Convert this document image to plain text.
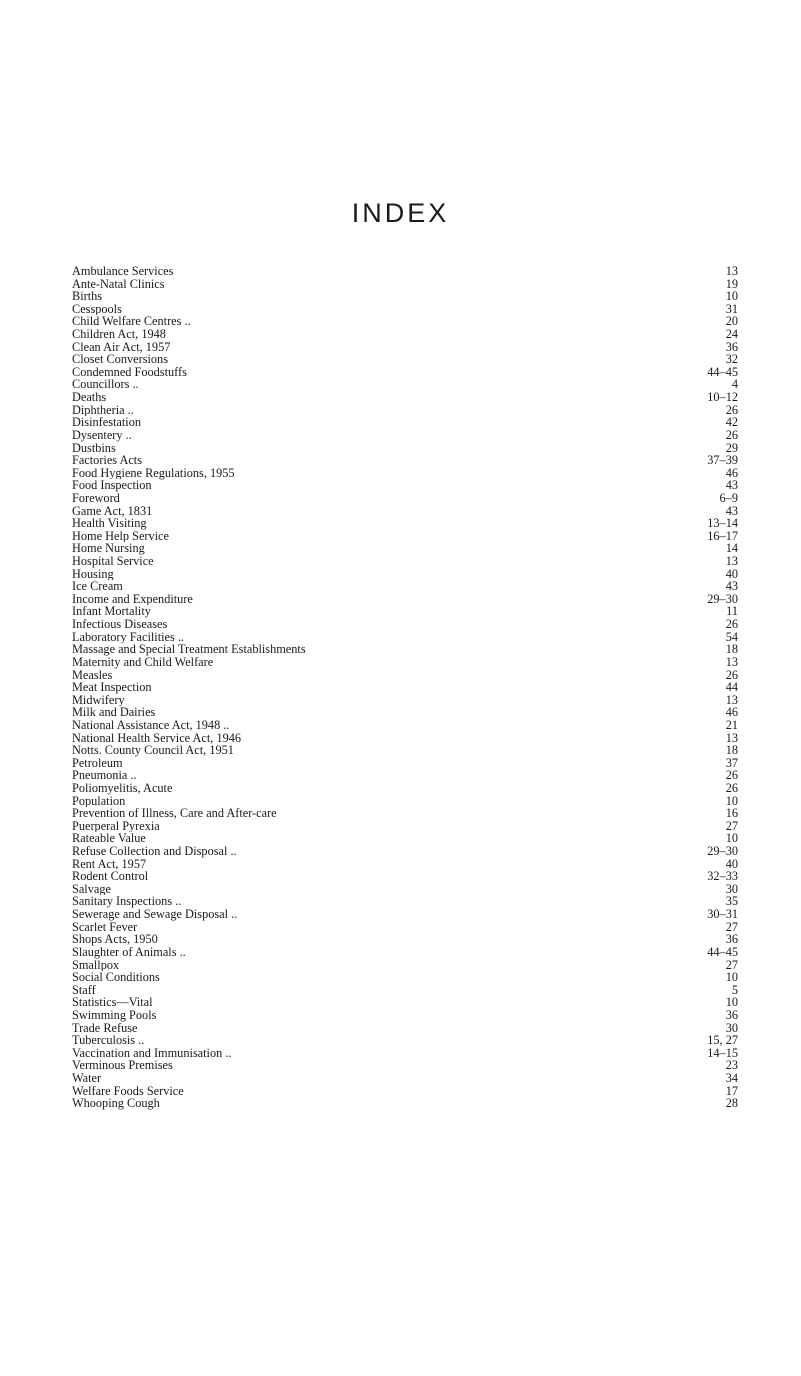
INDEX
Ambulance Services	13
Ante-Natal Clinics	19
Births	10
Cesspools	31
Child Welfare Centres ..	20
Children Act, 1948	24
Clean Air Act, 1957	36
Closet Conversions	32
Condemned Foodstuffs	44–45
Councillors ..	4
Deaths	10–12
Diphtheria ..	26
Disinfestation	42
Dysentery ..	26
Dustbins	29
Factories Acts	37–39
Food Hygiene Regulations, 1955	46
Food Inspection	43
Foreword	6–9
Game Act, 1831	43
Health Visiting	13–14
Home Help Service	16–17
Home Nursing	14
Hospital Service	13
Housing	40
Ice Cream	43
Income and Expenditure	29–30
Infant Mortality	11
Infectious Diseases	26
Laboratory Facilities ..	54
Massage and Special Treatment Establishments	18
Maternity and Child Welfare	13
Measles	26
Meat Inspection	44
Midwifery	13
Milk and Dairies	46
National Assistance Act, 1948 ..	21
National Health Service Act, 1946	13
Notts. County Council Act, 1951	18
Petroleum	37
Pneumonia ..	26
Poliomyelitis, Acute	26
Population	10
Prevention of Illness, Care and After-care	16
Puerperal Pyrexia	27
Rateable Value	10
Refuse Collection and Disposal ..	29–30
Rent Act, 1957	40
Rodent Control	32–33
Salvage	30
Sanitary Inspections ..	35
Sewerage and Sewage Disposal ..	30–31
Scarlet Fever	27
Shops Acts, 1950	36
Slaughter of Animals ..	44–45
Smallpox	27
Social Conditions	10
Staff	5
Statistics—Vital	10
Swimming Pools	36
Trade Refuse	30
Tuberculosis ..	15, 27
Vaccination and Immunisation ..	14–15
Verminous Premises	23
Water	34
Welfare Foods Service	17
Whooping Cough	28
